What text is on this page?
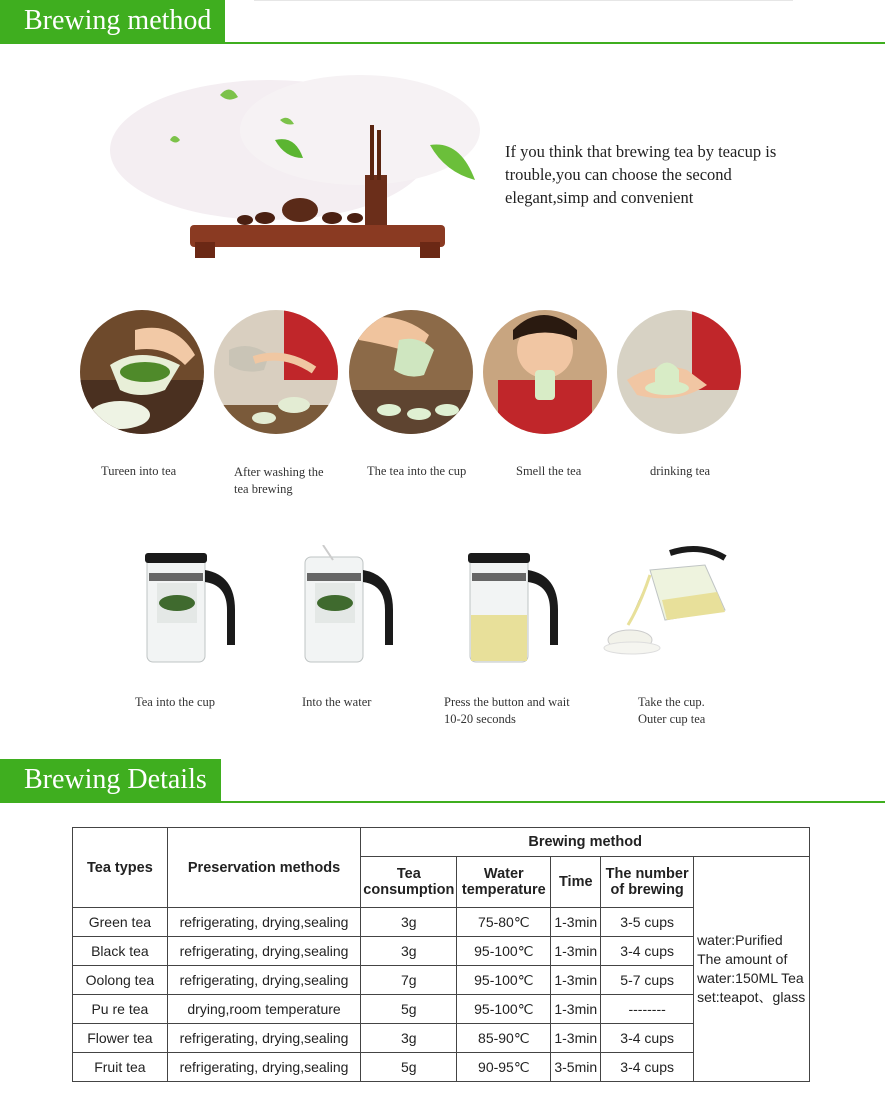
Brewing method
If you think that brewing tea by teacup is trouble,you can choose the second elegant,simp and convenient
Tureen into tea	After washing the tea brewing
The tea into the cup	Smell the tea	drinking tea
Tea into the cup	Into the water	Press the button and wait 10-20 seconds
Take the cup. Outer cup tea
Brewing Details
Tea types	Preservation methods	Brewing method				
		Tea consumption	Water temperature	Time	The number of brewing	water:Purified The amount of water:150ML Tea set:teapot、glass
Green tea	refrigerating, drying,sealing	3g	75-80℃	1-3min	3-5 cups	
Black tea	refrigerating, drying,sealing	3g	95-100℃	1-3min	3-4 cups	
Oolong tea	refrigerating, drying,sealing	7g	95-100℃	1-3min	5-7 cups	
Pu re tea	drying,room temperature	5g	95-100℃	1-3min	--------	
Flower tea	refrigerating, drying,sealing	3g	85-90℃	1-3min	3-4 cups	
Fruit tea	refrigerating, drying,sealing	5g	90-95℃	3-5min	3-4 cups	
